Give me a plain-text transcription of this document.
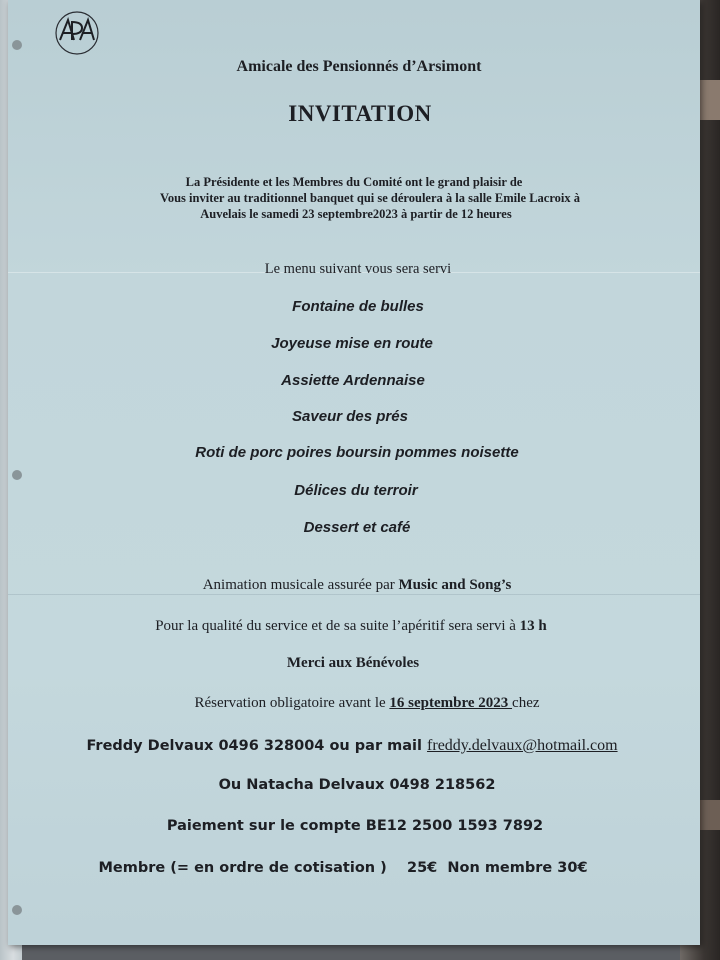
Amicale des Pensionnés d’Arsimont
INVITATION
La Présidente et les Membres du Comité ont le grand plaisir de
Vous inviter au traditionnel banquet qui se déroulera à la salle Emile Lacroix à
Auvelais le samedi 23 septembre2023 à partir de 12 heures
Le menu suivant vous sera servi
Fontaine de bulles
Joyeuse mise en route
Assiette Ardennaise
Saveur des prés
Roti de porc poires boursin pommes noisette
Délices du terroir
Dessert et café
Animation musicale assurée par Music and Song’s
Pour la qualité du service et de sa suite l’apéritif sera servi à 13 h
Merci aux Bénévoles
Réservation obligatoire avant le 16 septembre 2023 chez
Freddy Delvaux 0496 328004 ou par mail freddy.delvaux@hotmail.com
Ou Natacha Delvaux 0498 218562
Paiement sur le compte BE12 2500 1593 7892
Membre (= en ordre de cotisation )    25€  Non membre 30€
